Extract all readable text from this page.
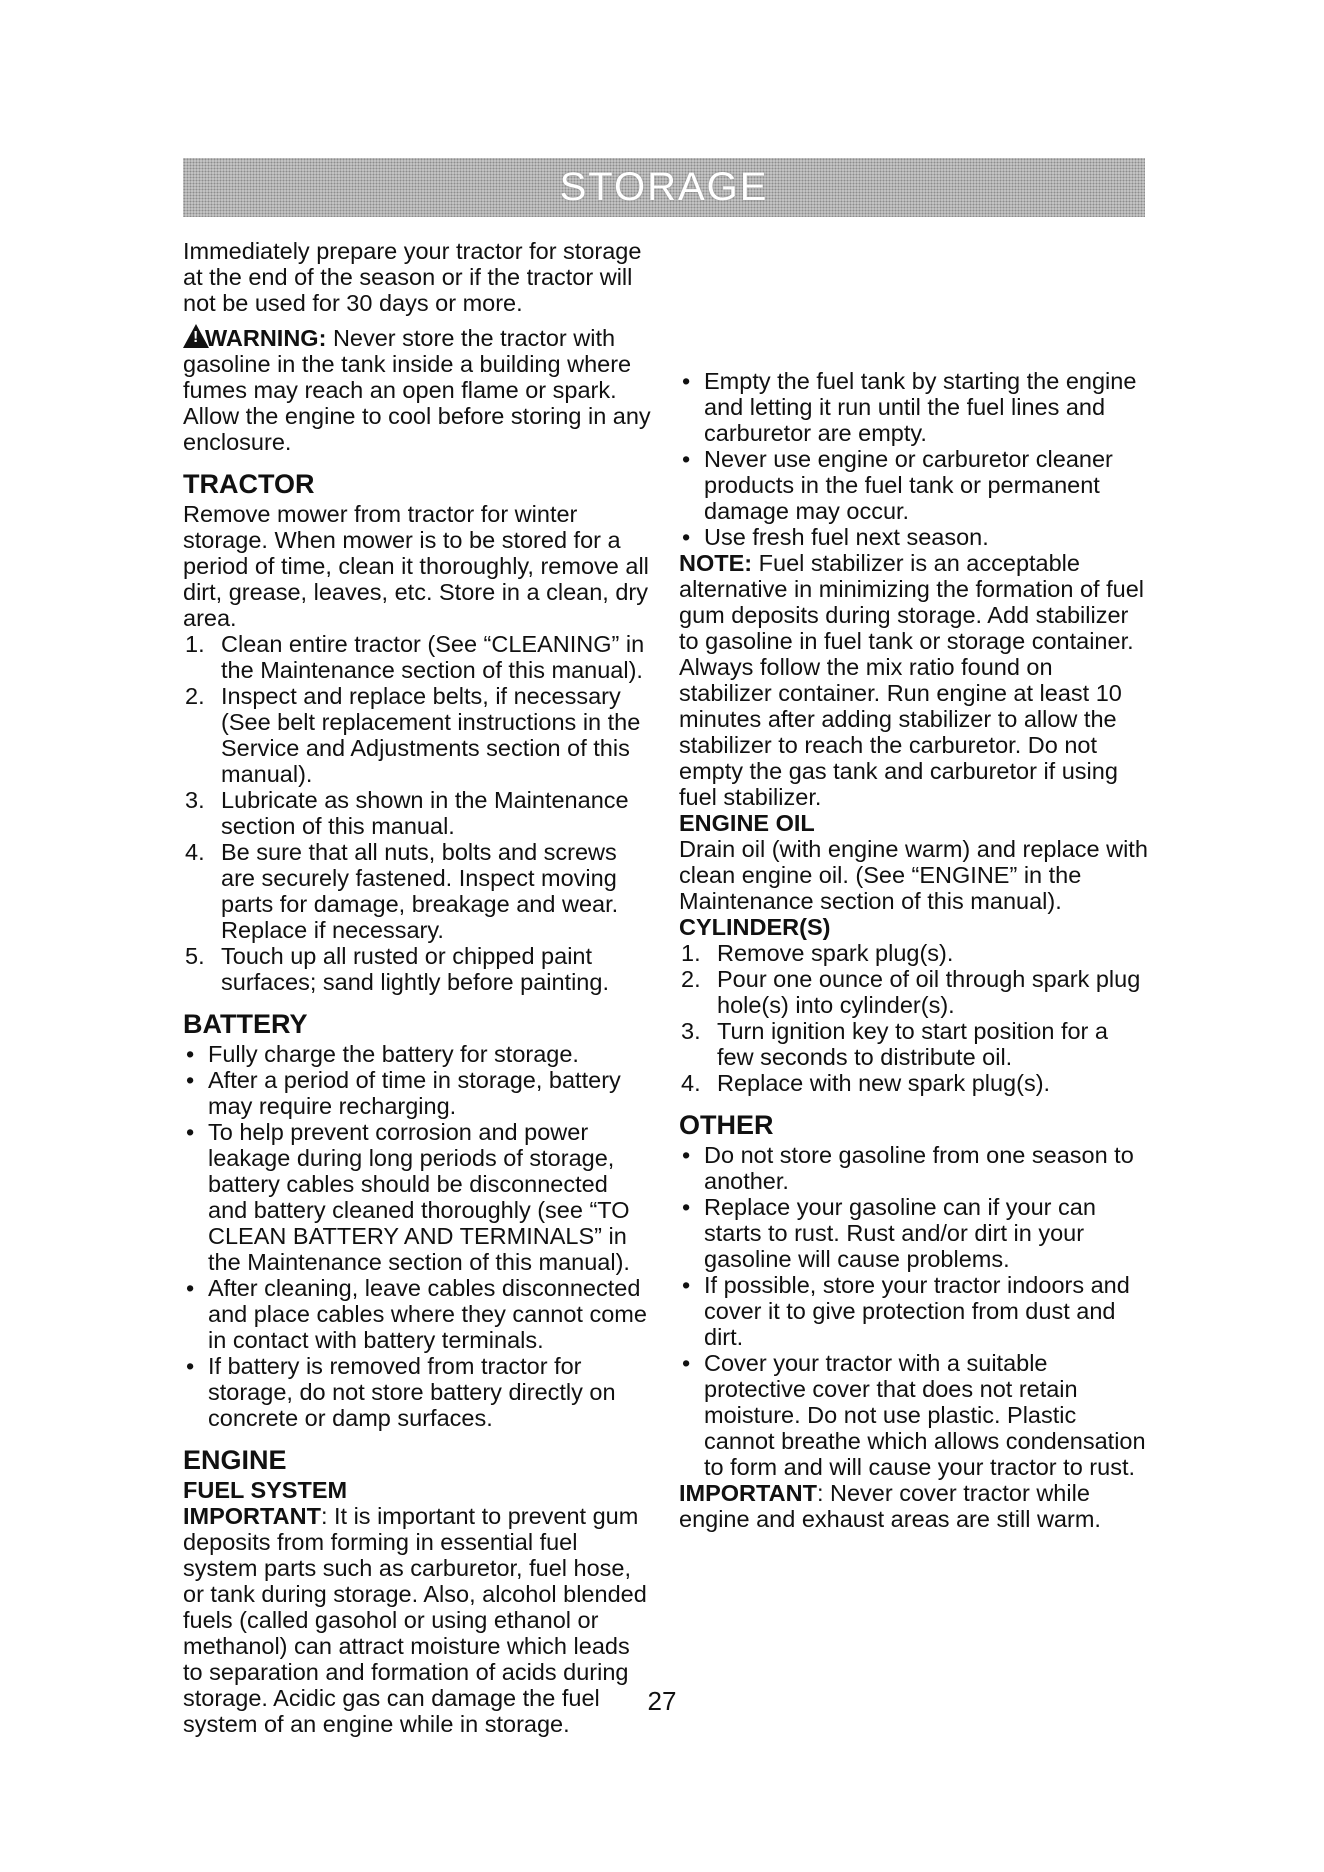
STORAGE

Immediately prepare your tractor for storage at the end of the season or if the tractor will not be used for 30 days or more.

!WARNING: Never store the tractor with gasoline in the tank inside a building where fumes may reach an open flame or spark. Allow the engine to cool before storing in any enclosure.

TRACTOR

Remove mower from tractor for winter storage. When mower is to be stored for a period of time, clean it thoroughly, remove all dirt, grease, leaves, etc. Store in a clean, dry area.

1. Clean entire tractor (See “CLEANING” in the Maintenance section of this manual).
2. Inspect and replace belts, if necessary (See belt replacement instructions in the Service and Adjustments section of this manual).
3. Lubricate as shown in the Maintenance section of this manual.
4. Be sure that all nuts, bolts and screws are securely fastened. Inspect moving parts for damage, breakage and wear. Replace if necessary.
5. Touch up all rusted or chipped paint surfaces; sand lightly before painting.
BATTERY
• Fully charge the battery for storage.
• After a period of time in storage, battery may require recharging.
• To help prevent corrosion and power leakage during long periods of storage, battery cables should be disconnected and battery cleaned thoroughly (see “TO CLEAN BATTERY AND TERMINALS” in the Maintenance section of this manual).
• After cleaning, leave cables disconnected and place cables where they cannot come in contact with battery terminals.
• If battery is removed from tractor for storage, do not store battery directly on concrete or damp surfaces.
ENGINE
FUEL SYSTEM

IMPORTANT: It is important to prevent gum deposits from forming in essential fuel system parts such as carburetor, fuel hose, or tank during storage. Also, alcohol blended fuels (called gasohol or using ethanol or methanol) can attract moisture which leads to separation and formation of acids during storage. Acidic gas can damage the fuel system of an engine while in storage.

• Empty the fuel tank by starting the engine and letting it run until the fuel lines and carburetor are empty.
• Never use engine or carburetor cleaner products in the fuel tank or permanent damage may occur.
• Use fresh fuel next season.

NOTE: Fuel stabilizer is an acceptable alternative in minimizing the formation of fuel gum deposits during storage. Add stabilizer to gasoline in fuel tank or storage container. Always follow the mix ratio found on stabilizer container. Run engine at least 10 minutes after adding stabilizer to allow the stabilizer to reach the carburetor. Do not empty the gas tank and carburetor if using fuel stabilizer.

ENGINE OIL

Drain oil (with engine warm) and replace with clean engine oil. (See “ENGINE” in the Maintenance section of this manual).

CYLINDER(S)
1. Remove spark plug(s).
2. Pour one ounce of oil through spark plug hole(s) into cylinder(s).
3. Turn ignition key to start position for a few seconds to distribute oil.
4. Replace with new spark plug(s).
OTHER
• Do not store gasoline from one season to another.
• Replace your gasoline can if your can starts to rust. Rust and/or dirt in your gasoline will cause problems.
• If possible, store your tractor indoors and cover it to give protection from dust and dirt.
• Cover your tractor with a suitable protective cover that does not retain moisture. Do not use plastic. Plastic cannot breathe which allows condensation to form and will cause your tractor to rust.

IMPORTANT: Never cover tractor while engine and exhaust areas are still warm.

27
